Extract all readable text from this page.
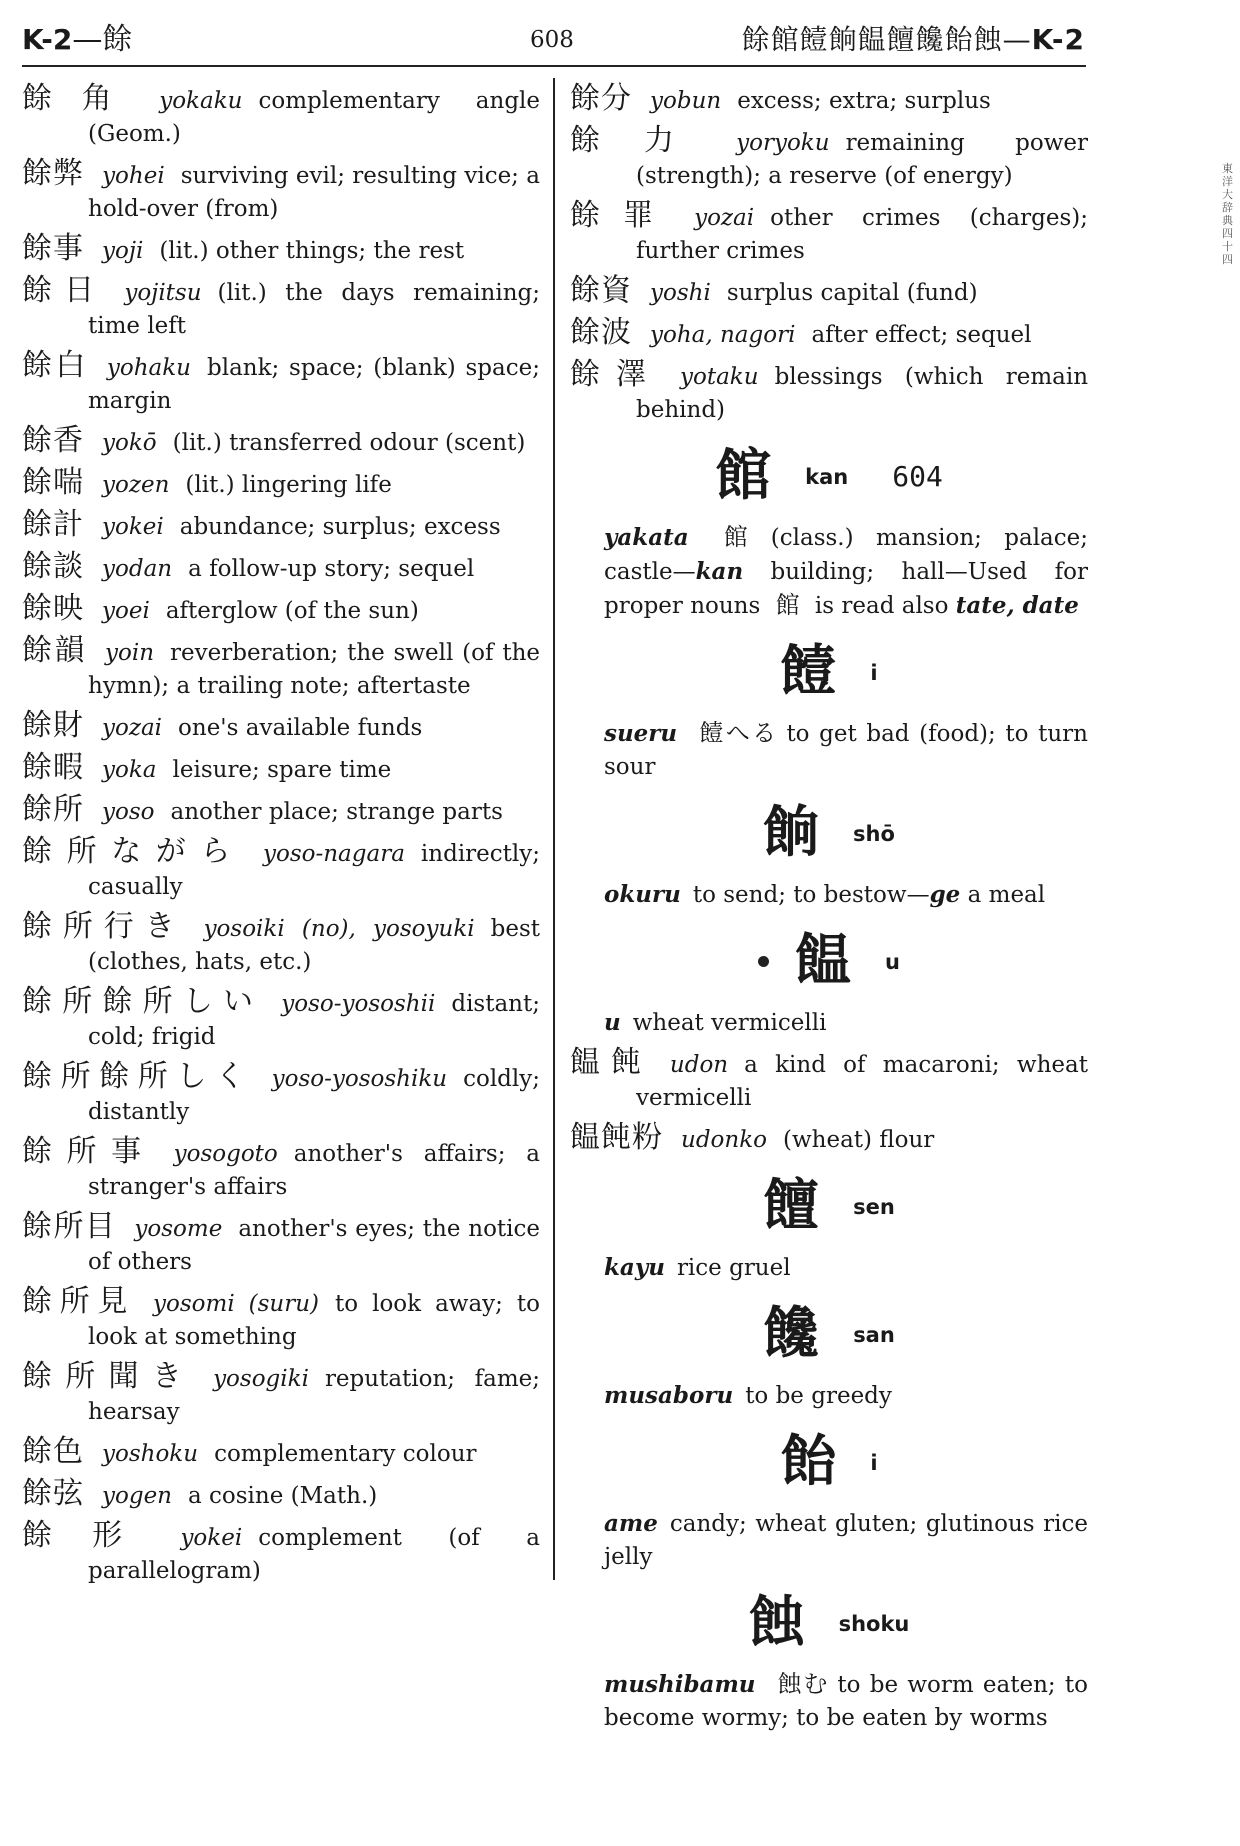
K-2—餘	608	餘館饐餉饂饘饞飴蝕—K-2
餘角 yokaku complementary angle (Geom.)
餘弊 yohei surviving evil; resulting vice; a hold-over (from)
餘事 yoji (lit.) other things; the rest
餘日 yojitsu (lit.) the days remaining; time left
餘白 yohaku blank; space; (blank) space; margin
餘香 yokō (lit.) transferred odour (scent)
餘喘 yozen (lit.) lingering life
餘計 yokei abundance; surplus; excess
餘談 yodan a follow-up story; sequel
餘映 yoei afterglow (of the sun)
餘韻 yoin reverberation; the swell (of the hymn); a trailing note; aftertaste
餘財 yozai one's available funds
餘暇 yoka leisure; spare time
餘所 yoso another place; strange parts
餘所ながら yoso-nagara indirectly; casually
餘所行き yosoiki (no), yosoyuki best (clothes, hats, etc.)
餘所餘所しい yoso-yososhii distant; cold; frigid
餘所餘所しく yoso-yososhiku coldly; distantly
餘所事 yosogoto another's affairs; a stranger's affairs
餘所目 yosome another's eyes; the notice of others
餘所見 yosomi (suru) to look away; to look at something
餘所聞き yosogiki reputation; fame; hearsay
餘色 yoshoku complementary colour
餘弦 yogen a cosine (Math.)
餘形 yokei complement (of a parallelogram)
餘分 yobun excess; extra; surplus
餘力 yoryoku remaining power (strength); a reserve (of energy)
餘罪 yozai other crimes (charges); further crimes
餘資 yoshi surplus capital (fund)
餘波 yoha, nagori after effect; sequel
餘澤 yotaku blessings (which remain behind)
館 kan 604
yakata 館 (class.) mansion; palace; castle—kan building; hall—Used for proper nouns 館 is read also tate, date
饐 i
sueru 饐へる to get bad (food); to turn sour
餉 shō
okuru to send; to bestow—ge a meal
饂 u
u wheat vermicelli
饂飩 udon a kind of macaroni; wheat vermicelli
饂飩粉 udonko (wheat) flour
饘 sen
kayu rice gruel
饞 san
musaboru to be greedy
飴 i
ame candy; wheat gluten; glutinous rice jelly
蝕 shoku
mushibamu 蝕む to be worm eaten; to become wormy; to be eaten by worms
東洋大辞典 四十四
